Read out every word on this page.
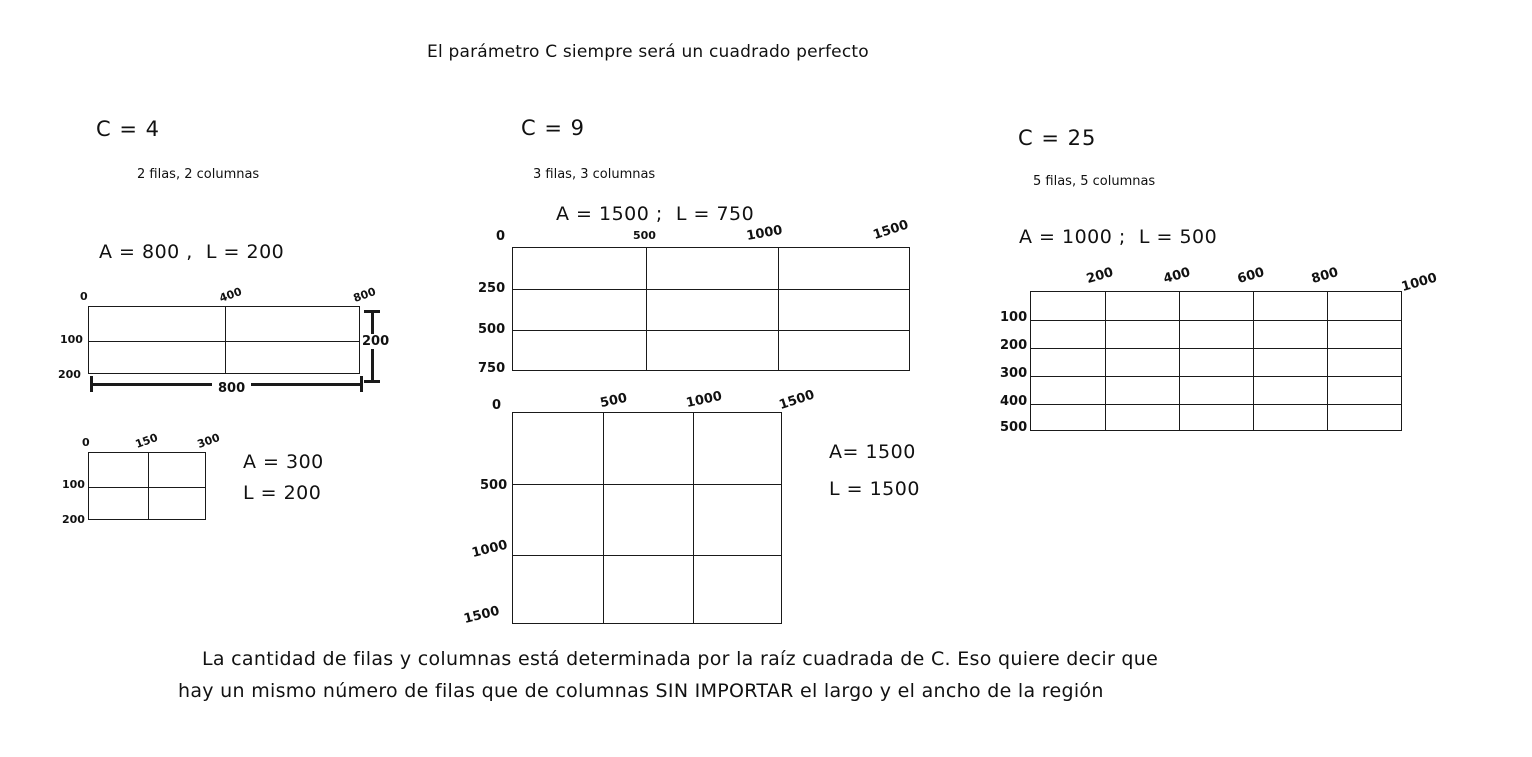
El parámetro C siempre será un cuadrado perfecto
C = 4
2 filas, 2 columnas
A = 800 ,  L = 200
0	400	800
100
200
800
200
0	150	300
100
200
A = 300
L = 200
C = 9
3 filas, 3 columnas
A = 1500 ;  L = 750
0	500	1000	1500
250
500
750
0	500	1000	1500
500
1000
1500
A= 1500
L = 1500
C = 25
5 filas, 5 columnas
A = 1000 ;  L = 500
200	400	600	800	1000
100
200
300
400
500
La cantidad de filas y columnas está determinada por la raíz cuadrada de C. Eso quiere decir que
hay un mismo número de filas que de columnas SIN IMPORTAR el largo y el ancho de la región
